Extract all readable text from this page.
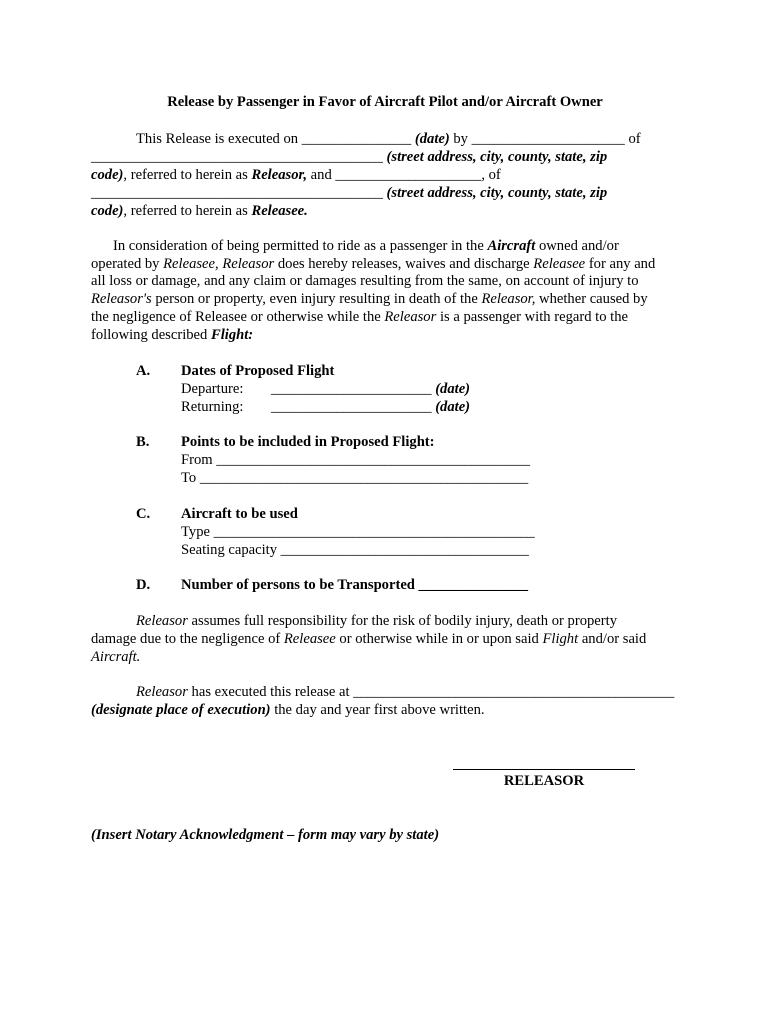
Release by Passenger in Favor of Aircraft Pilot and/or Aircraft Owner
This Release is executed on _______________ (date) by _____________________ of
________________________________________ (street address, city, county, state, zip
code), referred to herein as Releasor, and ____________________, of
________________________________________ (street address, city, county, state, zip
code), referred to herein as Releasee.
In consideration of being permitted to ride as a passenger in the Aircraft owned and/or
operated by Releasee, Releasor does hereby releases, waives and discharge Releasee for any and
all loss or damage, and any claim or damages resulting from the same, on account of injury to
Releasor's person or property, even injury resulting in death of the Releasor, whether caused by
the negligence of Releasee or otherwise while the Releasor is a passenger with regard to the
following described Flight:
A. Dates of Proposed Flight
Departure: ______________________ (date)
Returning: ______________________ (date)
B. Points to be included in Proposed Flight:
From ___________________________________________
To _____________________________________________
C. Aircraft to be used
Type ____________________________________________
Seating capacity __________________________________
D. Number of persons to be Transported _______________
Releasor assumes full responsibility for the risk of bodily injury, death or property
damage due to the negligence of Releasee or otherwise while in or upon said Flight and/or said
Aircraft.
Releasor has executed this release at ____________________________________________
(designate place of execution) the day and year first above written.
RELEASOR
(Insert Notary Acknowledgment – form may vary by state)
